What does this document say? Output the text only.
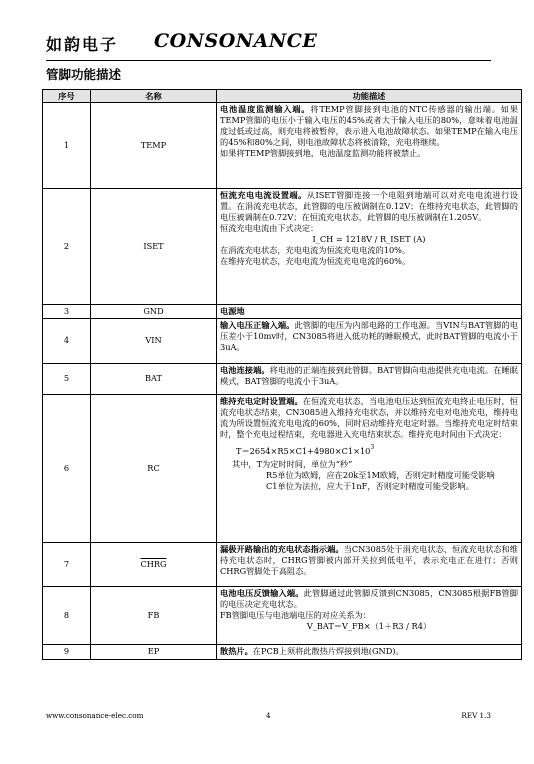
如韵电子 CONSONANCE
管脚功能描述
序号	名称	功能描述
1	TEMP	电池温度监测输入端。将TEMP管脚接到电池的NTC传感器的输出端。如果TEMP管脚的电压小于输入电压的45%或者大于输入电压的80%，意味着电池温度过低或过高，则充电将被暂停，表示进入电池故障状态。如果TEMP在输入电压的45%和80%之间，则电池故障状态将被清除，充电将继续。
如果将TEMP管脚接到地，电池温度监测功能将被禁止。

2	ISET	恒流充电电流设置端。从ISET管脚连接一个电阻到地端可以对充电电流进行设置。在涓流充电状态，此管脚的电压被调制在0.12V；在维持充电状态，此管脚的电压被调制在0.72V；在恒流充电状态，此管脚的电压被调制在1.205V。
恒流充电电流由下式决定：
I_CH = 1218V / R_ISET (A)
在涓流充电状态，充电电流为恒流充电电流的10%。
在维持充电状态，充电电流为恒流充电电流的60%。

3	GND	电源地
4	VIN	输入电压正输入端。此管脚的电压为内部电路的工作电源。当VIN与BAT管脚的电压差小于10mv时，CN3085将进入低功耗的睡眠模式，此时BAT管脚的电流小于3uA。
5	BAT	电池连接端。将电池的正端连接到此管脚。BAT管脚向电池提供充电电流。在睡眠模式，BAT管脚的电流小于3uA。
6	RC	维持充电定时设置端。在恒流充电状态，当电池电压达到恒流充电终止电压时，恒流充电状态结束，CN3085进入维持充电状态，并以维持充电对电池充电，维持电流为所设置恒流充电电流的60%，同时启动维持充电定时器。当维持充电定时结束时，整个充电过程结束，充电器进入充电结束状态。维持充电时间由下式决定：
$T=2654\times R5\times C1+4980\times C1\times 10^3$
其中，T为定时时间，单位为“秒”
R5单位为欧姆，应在20k至1M欧姆，否则定时精度可能受影响
C1单位为法拉，应大于1nF，否则定时精度可能受影响。

7	CHRG	漏极开路输出的充电状态指示端。当CN3085处于涓充电状态、恒流充电状态和维持充电状态时，CHRG管脚被内部开关拉到低电平，表示充电正在进行；否则CHRG管脚处于高阻态。
8	FB	电池电压反馈输入端。此管脚通过此管脚反馈到CN3085，CN3085根据FB管脚的电压决定充电状态。
FB管脚电压与电池端电压的对应关系为：
V_BAT＝V_FB×（1＋R3 / R4）

9	EP	散热片。在PCB上须将此散热片焊接到地(GND)。
www.consonance-elec.com	4	REV 1.3
